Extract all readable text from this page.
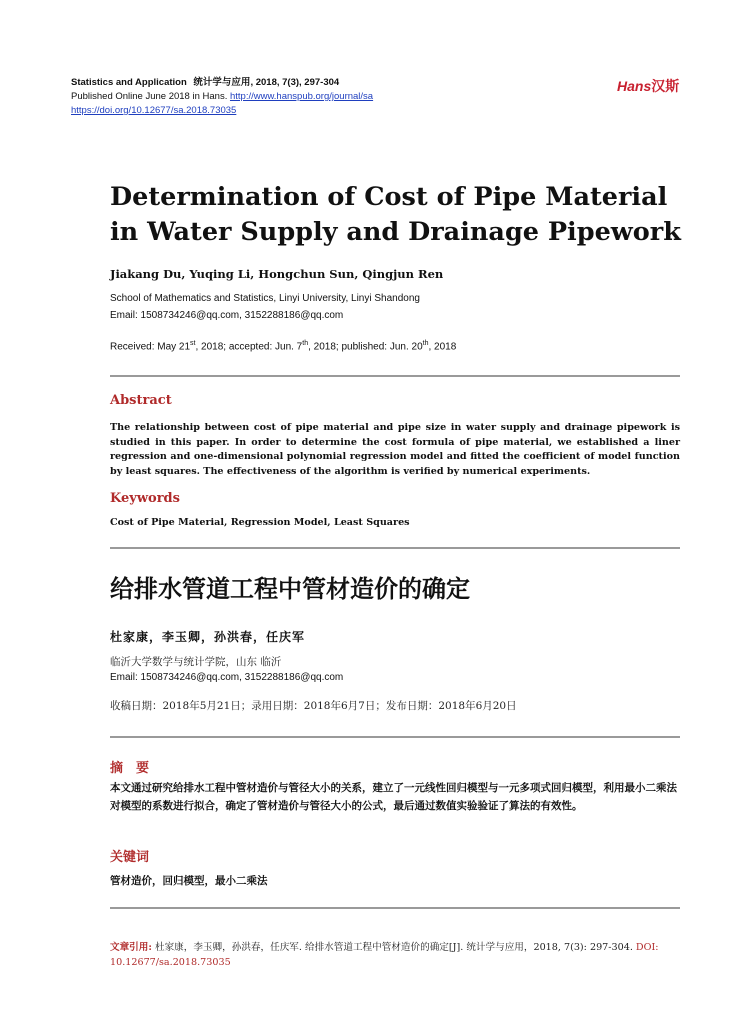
Statistics and Application 统计学与应用, 2018, 7(3), 297-304
Published Online June 2018 in Hans. http://www.hanspub.org/journal/sa
https://doi.org/10.12677/sa.2018.73035
Hans汉斯
Determination of Cost of Pipe Material in Water Supply and Drainage Pipework
Jiakang Du, Yuqing Li, Hongchun Sun, Qingjun Ren
School of Mathematics and Statistics, Linyi University, Linyi Shandong
Email: 1508734246@qq.com, 3152288186@qq.com
Received: May 21st, 2018; accepted: Jun. 7th, 2018; published: Jun. 20th, 2018
Abstract
The relationship between cost of pipe material and pipe size in water supply and drainage pipework is studied in this paper. In order to determine the cost formula of pipe material, we established a liner regression and one-dimensional polynomial regression model and fitted the coefficient of model function by least squares. The effectiveness of the algorithm is verified by numerical experiments.
Keywords
Cost of Pipe Material, Regression Model, Least Squares
给排水管道工程中管材造价的确定
杜家康，李玉卿，孙洪春，任庆军
临沂大学数学与统计学院，山东 临沂
Email: 1508734246@qq.com, 3152288186@qq.com
收稿日期：2018年5月21日；录用日期：2018年6月7日；发布日期：2018年6月20日
摘　要
本文通过研究给排水工程中管材造价与管径大小的关系，建立了一元线性回归模型与一元多项式回归模型，利用最小二乘法对模型的系数进行拟合，确定了管材造价与管径大小的公式，最后通过数值实验验证了算法的有效性。
关键词
管材造价，回归模型，最小二乘法
文章引用: 杜家康，李玉卿，孙洪春，任庆军. 给排水管道工程中管材造价的确定[J]. 统计学与应用，2018, 7(3): 297-304. DOI: 10.12677/sa.2018.73035
